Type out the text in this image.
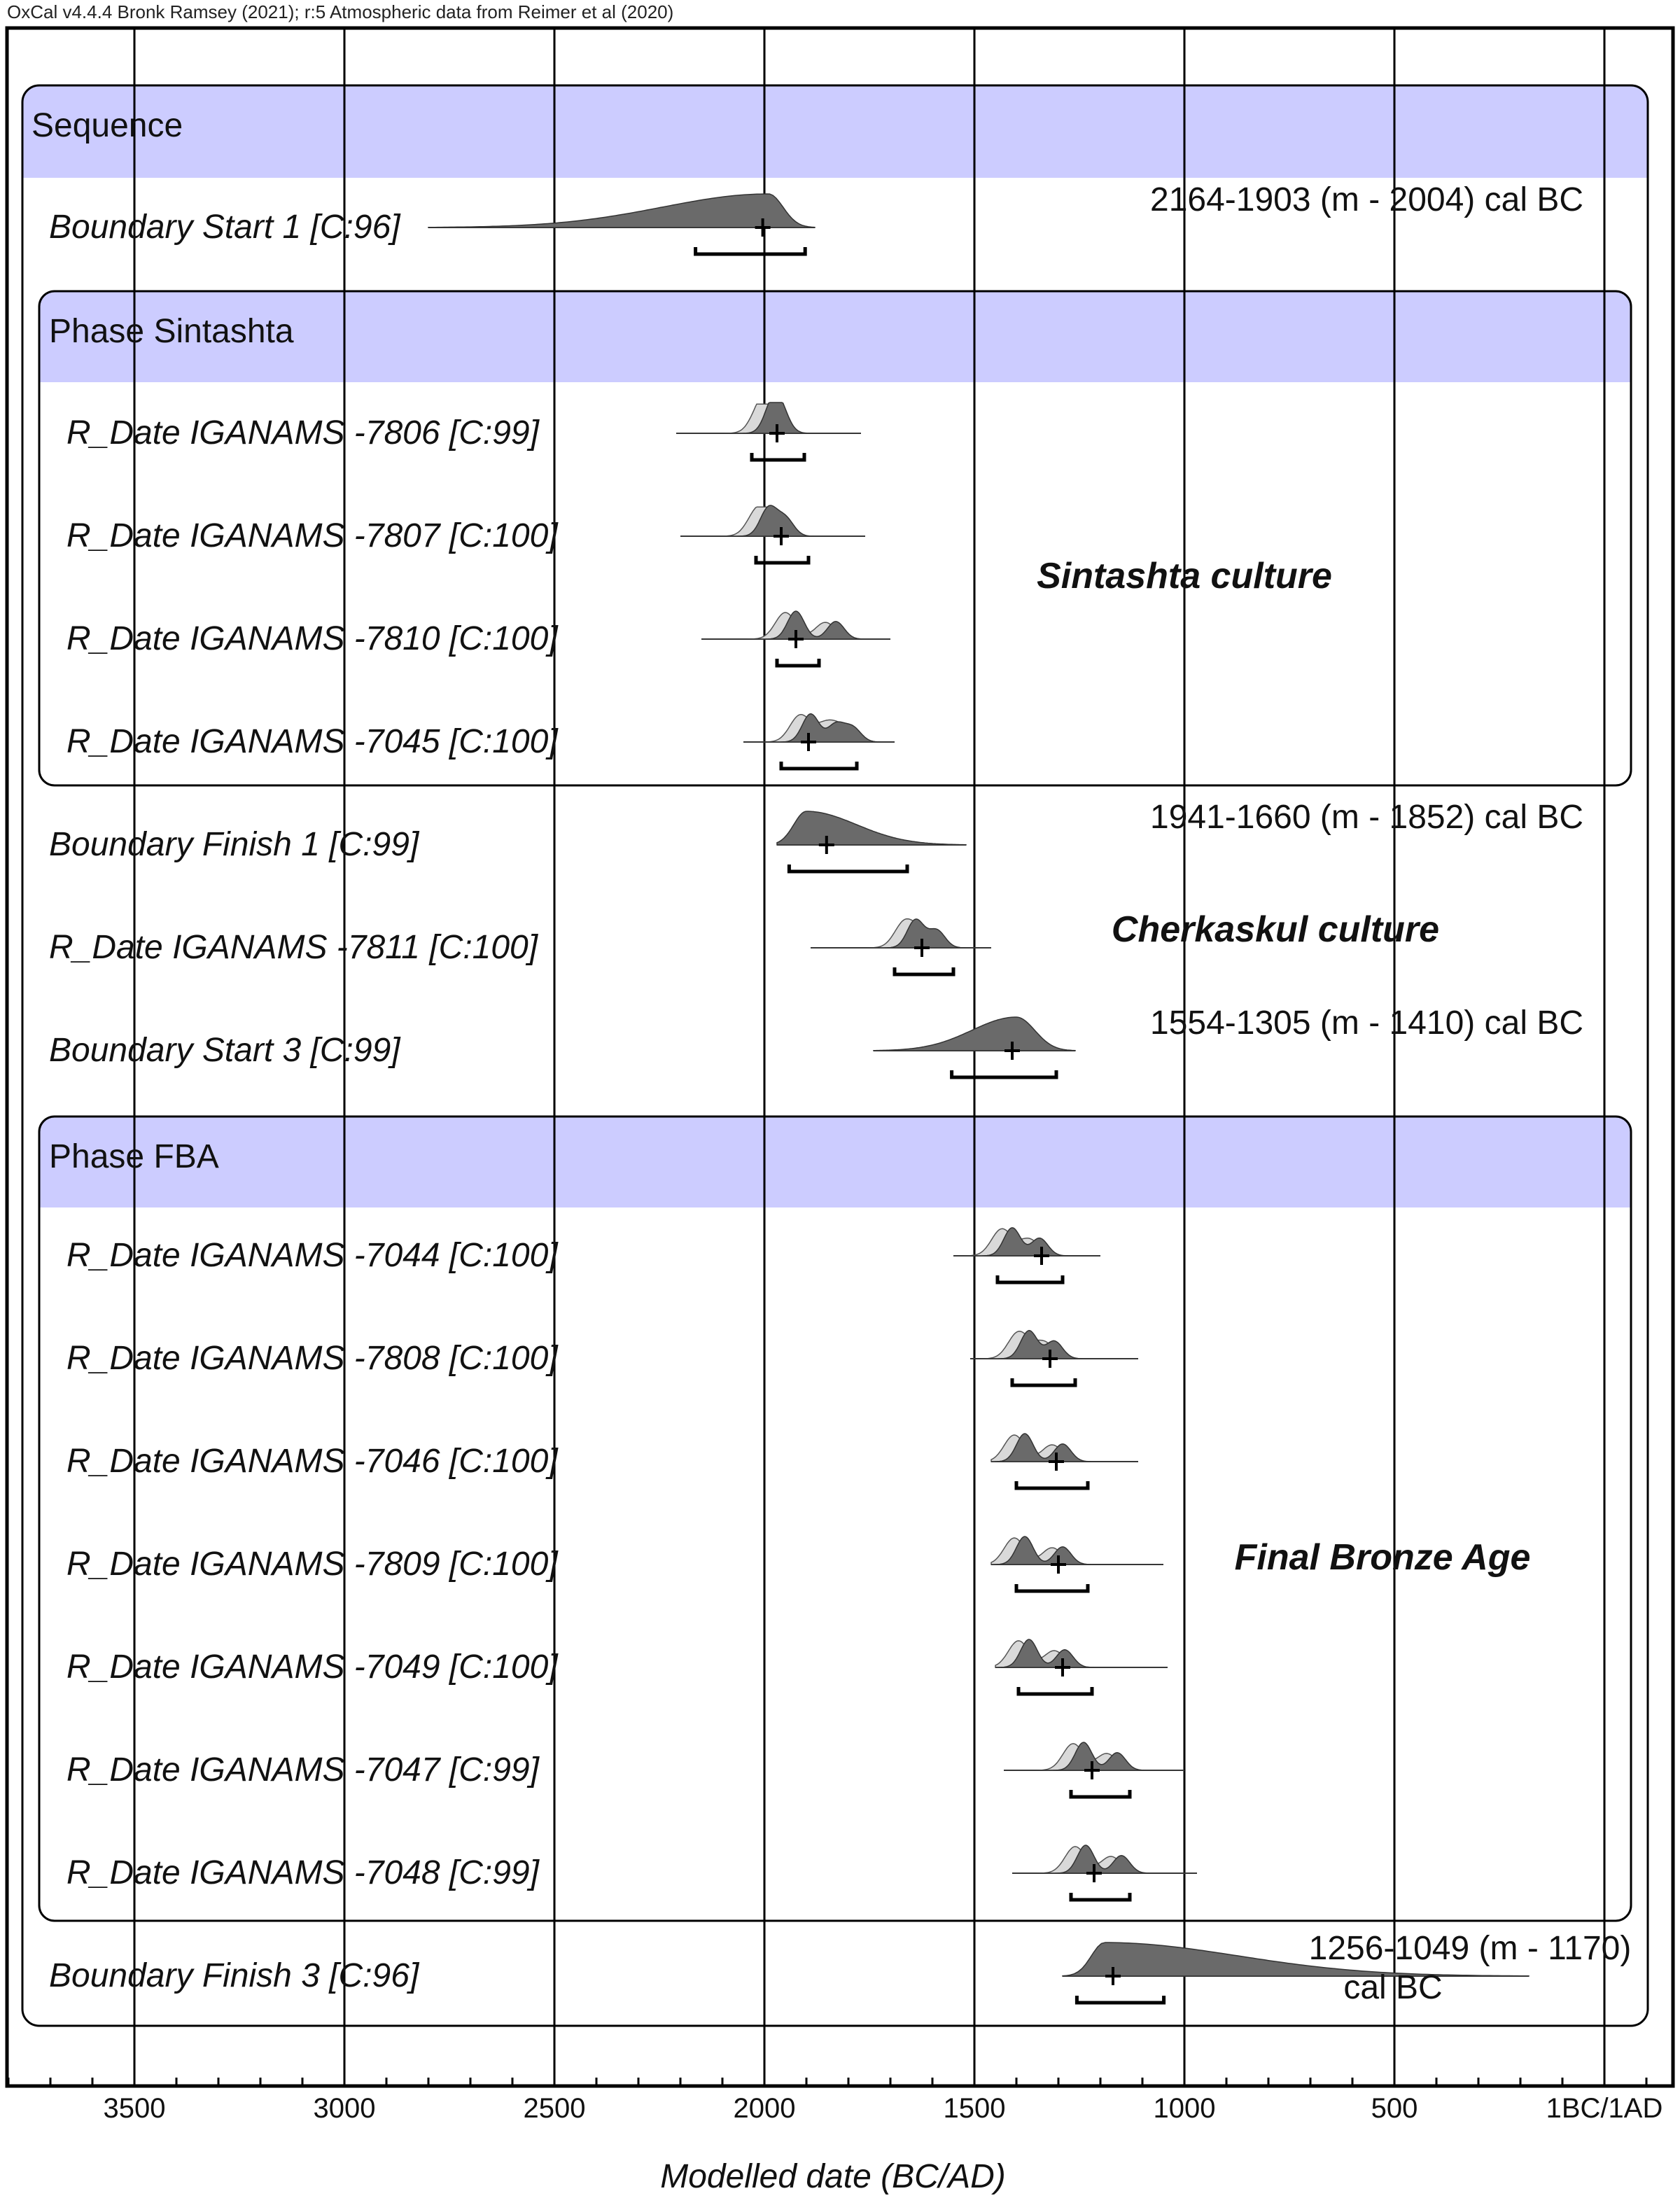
OxCal v4.4.4 Bronk Ramsey (2021); r:5 Atmospheric data from Reimer et al (2020)
Sequence
Phase Sintashta
Phase FBA
Boundary Start 1 [C:96]
2164-1903 (m - 2004) cal BC
R_Date IGANAMS -7806 [C:99]
R_Date IGANAMS -7807 [C:100]
R_Date IGANAMS -7810 [C:100]
R_Date IGANAMS -7045 [C:100]
Boundary Finish 1 [C:99]
1941-1660 (m - 1852) cal BC
R_Date IGANAMS -7811 [C:100]
Boundary Start 3 [C:99]
1554-1305 (m - 1410) cal BC
R_Date IGANAMS -7044 [C:100]
R_Date IGANAMS -7808 [C:100]
R_Date IGANAMS -7046 [C:100]
R_Date IGANAMS -7809 [C:100]
R_Date IGANAMS -7049 [C:100]
R_Date IGANAMS -7047 [C:99]
R_Date IGANAMS -7048 [C:99]
Boundary Finish 3 [C:96]
1256-1049 (m - 1170)
cal BC
Sintashta culture
Cherkaskul culture
Final Bronze Age
3500	3000	2500	2000	1500	1000	500	1BC/1AD
Modelled date (BC/AD)
